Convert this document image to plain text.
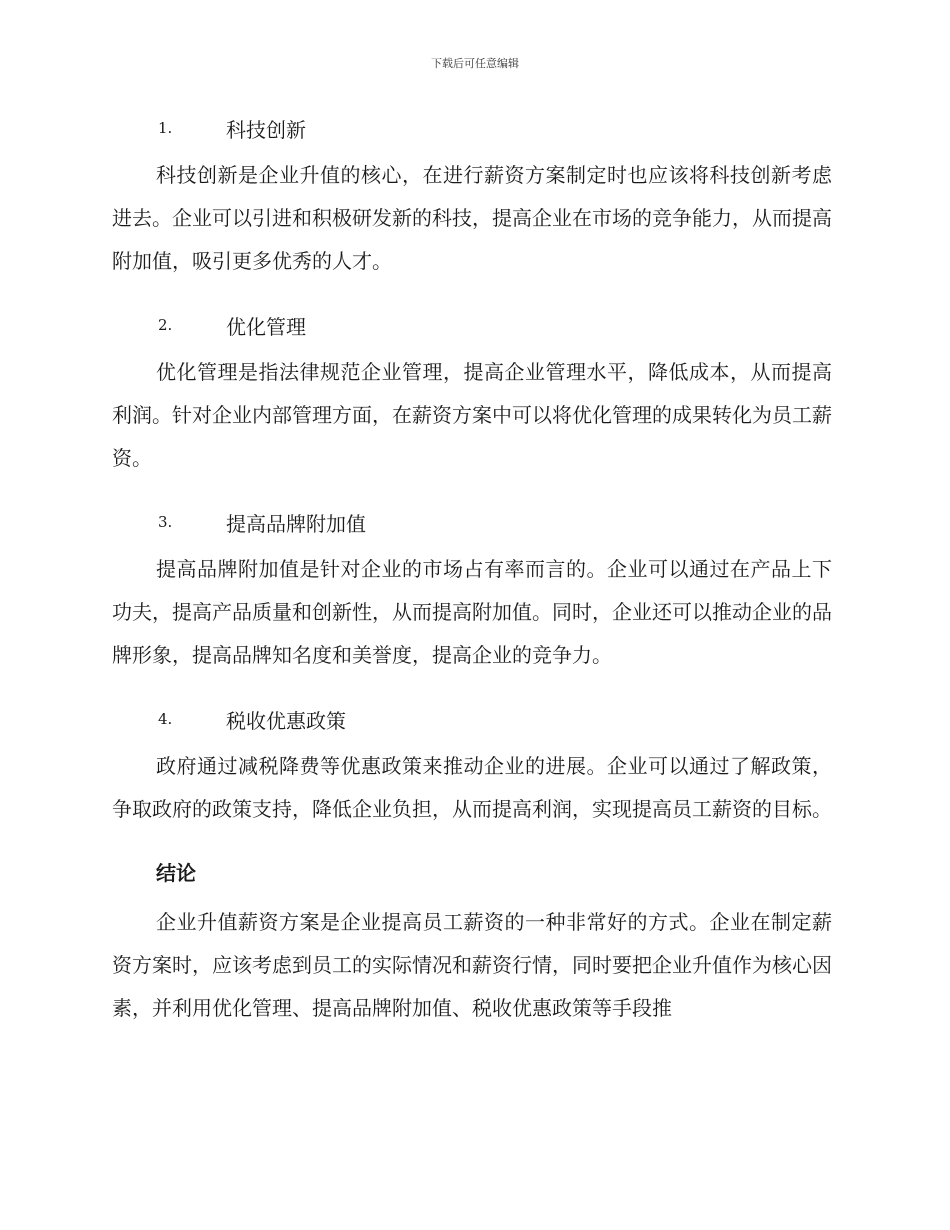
下载后可任意编辑
1.	科技创新

科技创新是企业升值的核心，在进行薪资方案制定时也应该将科技创新考虑进去。企业可以引进和积极研发新的科技，提高企业在市场的竞争能力，从而提高附加值，吸引更多优秀的人才。

2.	优化管理

优化管理是指法律规范企业管理，提高企业管理水平，降低成本，从而提高利润。针对企业内部管理方面，在薪资方案中可以将优化管理的成果转化为员工薪资。

3.	提高品牌附加值

提高品牌附加值是针对企业的市场占有率而言的。企业可以通过在产品上下功夫，提高产品质量和创新性，从而提高附加值。同时，企业还可以推动企业的品牌形象，提高品牌知名度和美誉度，提高企业的竞争力。

4.	税收优惠政策

政府通过减税降费等优惠政策来推动企业的进展。企业可以通过了解政策，争取政府的政策支持，降低企业负担，从而提高利润，实现提高员工薪资的目标。

结论

企业升值薪资方案是企业提高员工薪资的一种非常好的方式。企业在制定薪资方案时，应该考虑到员工的实际情况和薪资行情，同时要把企业升值作为核心因素，并利用优化管理、提高品牌附加值、税收优惠政策等手段推
